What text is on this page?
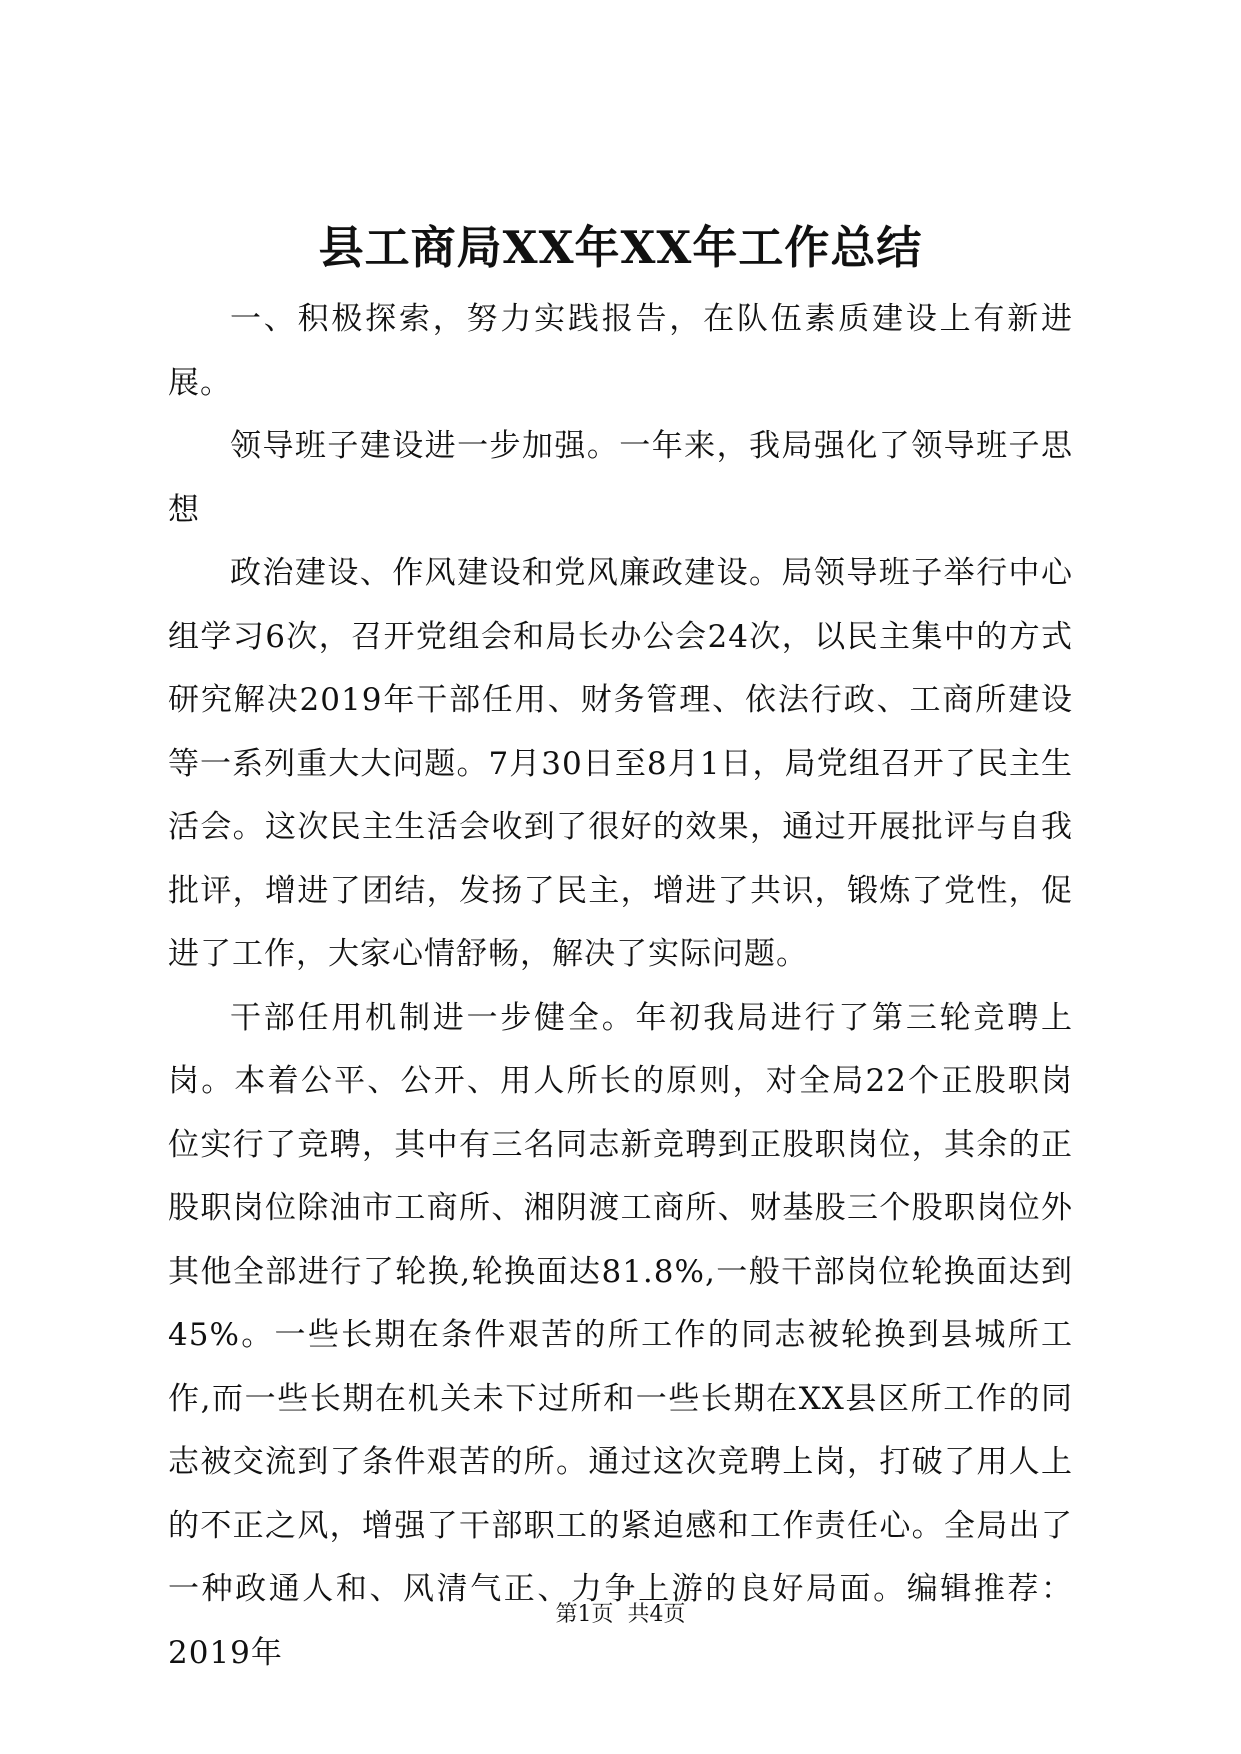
县工商局XX年XX年工作总结

一、积极探索，努力实践报告，在队伍素质建设上有新进展。

领导班子建设进一步加强。一年来，我局强化了领导班子思想

政治建设、作风建设和党风廉政建设。局领导班子举行中心组学习6次，召开党组会和局长办公会24次，以民主集中的方式研究解决2019年干部任用、财务管理、依法行政、工商所建设等一系列重大大问题。7月30日至8月1日，局党组召开了民主生活会。这次民主生活会收到了很好的效果，通过开展批评与自我批评，增进了团结，发扬了民主，增进了共识，锻炼了党性，促进了工作，大家心情舒畅，解决了实际问题。

干部任用机制进一步健全。年初我局进行了第三轮竞聘上岗。本着公平、公开、用人所长的原则，对全局22个正股职岗位实行了竞聘，其中有三名同志新竞聘到正股职岗位，其余的正股职岗位除油市工商所、湘阴渡工商所、财基股三个股职岗位外其他全部进行了轮换,轮换面达81.8%,一般干部岗位轮换面达到45%。一些长期在条件艰苦的所工作的同志被轮换到县城所工作,而一些长期在机关未下过所和一些长期在XX县区所工作的同志被交流到了条件艰苦的所。通过这次竞聘上岗，打破了用人上的不正之风，增强了干部职工的紧迫感和工作责任心。全局出了一种政通人和、风清气正、力争上游的良好局面。编辑推荐：2019年

第1页 共4页
